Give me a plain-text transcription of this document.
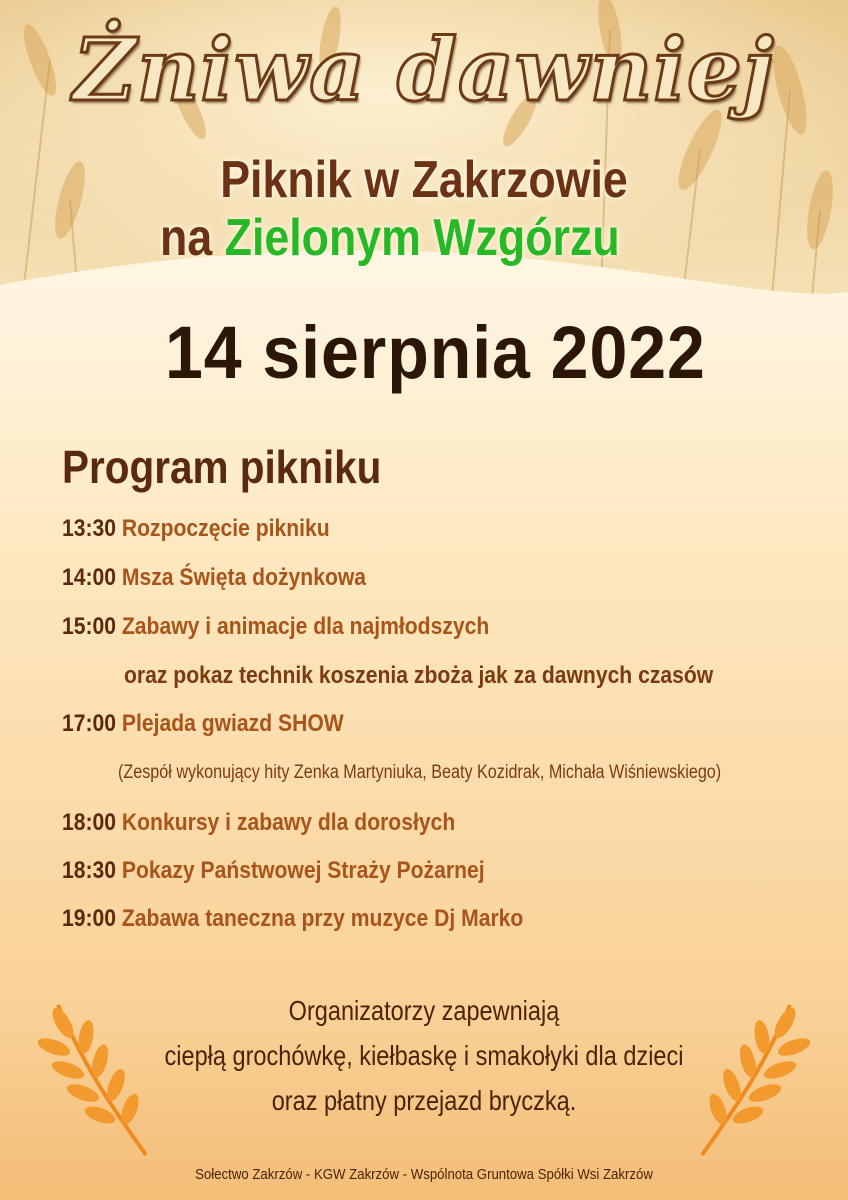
Żniwa dawniej
Piknik w Zakrzowie
na Zielonym Wzgórzu
14 sierpnia 2022
Program pikniku
13:30 Rozpoczęcie pikniku
14:00 Msza Święta dożynkowa
15:00 Zabawy i animacje dla najmłodszych
oraz pokaz technik koszenia zboża jak za dawnych czasów
17:00 Plejada gwiazd SHOW
(Zespół wykonujący hity Zenka Martyniuka, Beaty Kozidrak, Michała Wiśniewskiego)
18:00 Konkursy i zabawy dla dorosłych
18:30 Pokazy Państwowej Straży Pożarnej
19:00 Zabawa taneczna przy muzyce Dj Marko
Organizatorzy zapewniają
ciepłą grochówkę, kiełbaskę i smakołyki dla dzieci
oraz płatny przejazd bryczką.
Sołectwo Zakrzów - KGW Zakrzów - Wspólnota Gruntowa Spółki Wsi Zakrzów
